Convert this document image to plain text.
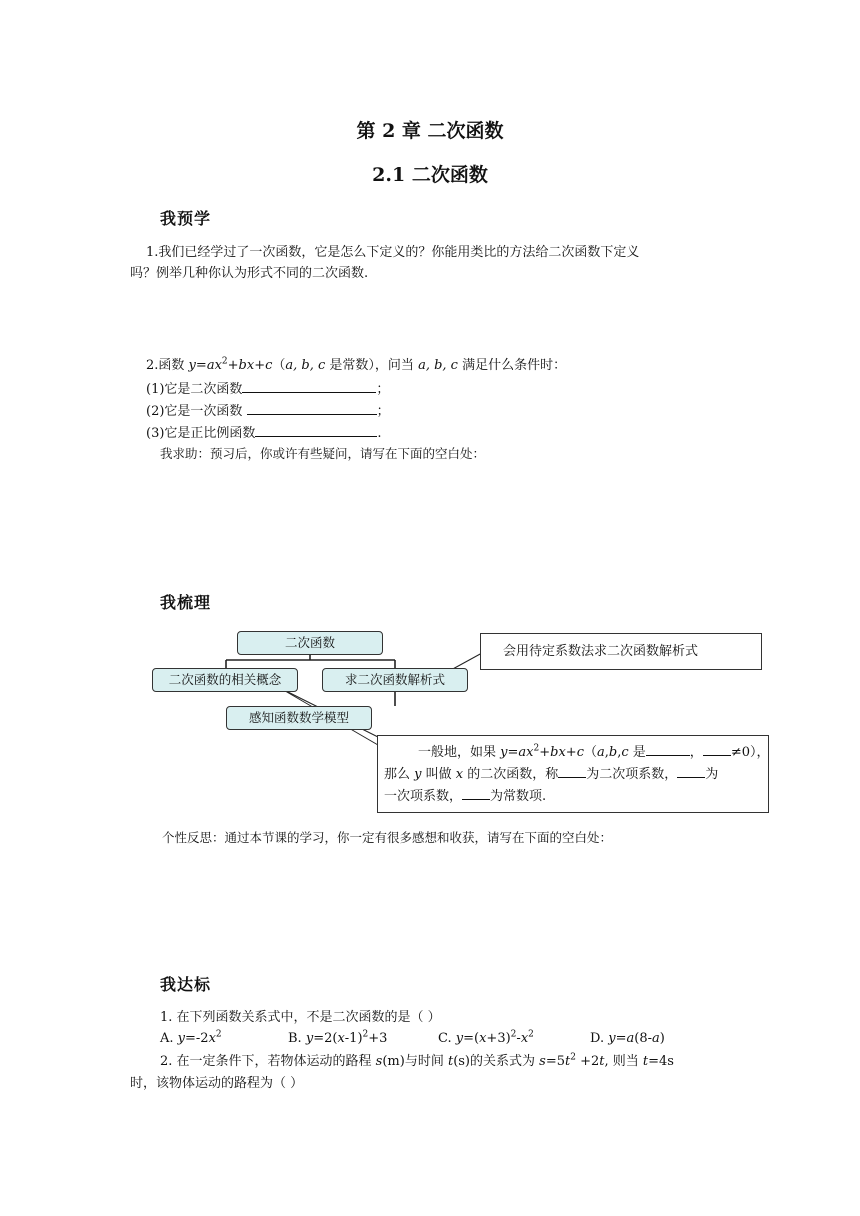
第 2 章 二次函数
2.1 二次函数
我预学
1.我们已经学过了一次函数，它是怎么下定义的？你能用类比的方法给二次函数下定义
吗？例举几种你认为形式不同的二次函数.
2.函数 $y=ax^2+bx+c(a$, b, c 是常数），问当 a, b, c 满足什么条件时：
(1)它是二次函数	；
(2)它是一次函数	；
(3)它是正比例函数	.
我求助：预习后，你或许有些疑问，请写在下面的空白处：
我梳理
二次函数
二次函数的相关概念	求二次函数解析式
感知函数数学模型
会用待定系数法求二次函数解析式
一般地，如果 $y=ax^2+bx+c(a,b,c$ 是	， ≠0），
那么 y 叫做 x 的二次函数，称 为二次项系数， 为
一次项系数， 为常数项.
个性反思：通过本节课的学习，你一定有很多感想和收获，请写在下面的空白处：
我达标
1. 在下列函数关系式中，不是二次函数的是（ ）
A. $y=-2x^2$	B. $y=2(x-1)^2+3$	C. $y=(x+3)^2-x^2$	D. y=a(8-a)
2. 在一定条件下，若物体运动的路程 s(m)与时间 t(s)的关系式为 $s=5t^2 +2t$, 则当 t=4s
时，该物体运动的路程为（ ）
